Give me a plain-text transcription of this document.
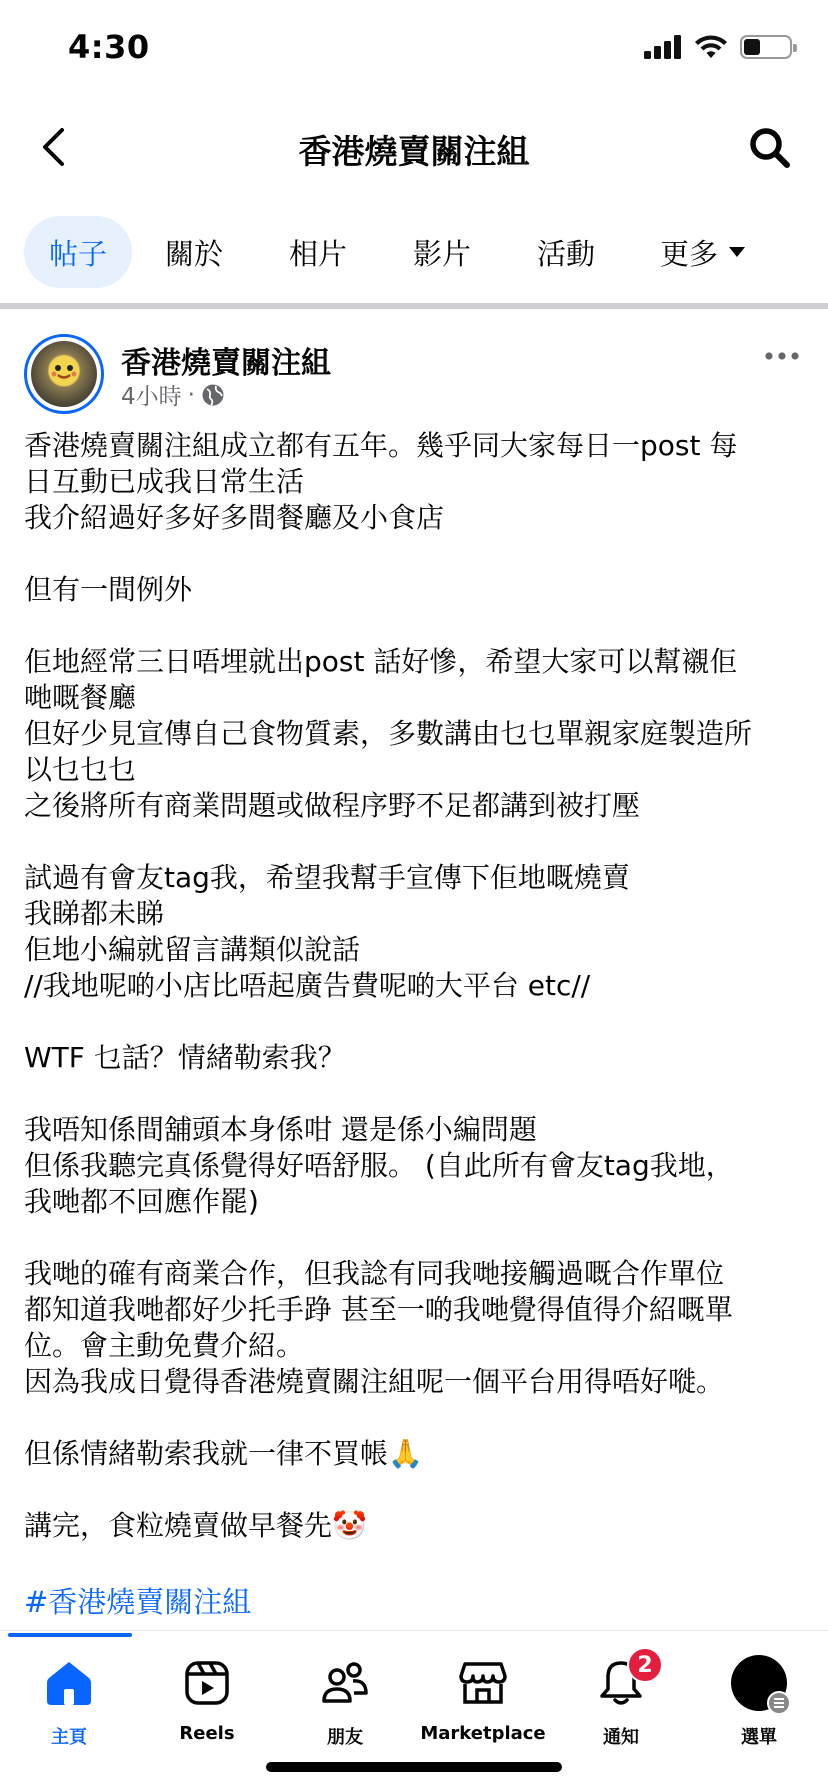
4:30
香港燒賣關注組
帖子 關於 相片 影片 活動 更多
香港燒賣關注組
4小時 ·
香港燒賣關注組成立都有五年。幾乎同大家每日一post 每
日互動已成我日常生活
我介紹過好多好多間餐廳及小食店
但有一間例外
佢地經常三日唔埋就出post 話好慘，希望大家可以幫襯佢
哋嘅餐廳
但好少見宣傳自己食物質素，多數講由乜乜單親家庭製造所
以乜乜乜
之後將所有商業問題或做程序野不足都講到被打壓
試過有會友tag我，希望我幫手宣傳下佢地嘅燒賣
我睇都未睇
佢地小編就留言講類似說話
//我地呢啲小店比唔起廣告費呢啲大平台 etc//
WTF 乜話？情緒勒索我？
我唔知係間舖頭本身係咁 還是係小編問題
但係我聽完真係覺得好唔舒服。 (自此所有會友tag我地，
我哋都不回應作罷)
我哋的確有商業合作，但我諗有同我哋接觸過嘅合作單位
都知道我哋都好少托手踭 甚至一啲我哋覺得值得介紹嘅單
位。會主動免費介紹。
因為我成日覺得香港燒賣關注組呢一個平台用得唔好嘥。
但係情緒勒索我就一律不買帳🙏
講完，食粒燒賣做早餐先🤡
#香港燒賣關注組
主頁	Reels	朋友	Marketplace
2
通知	選單
